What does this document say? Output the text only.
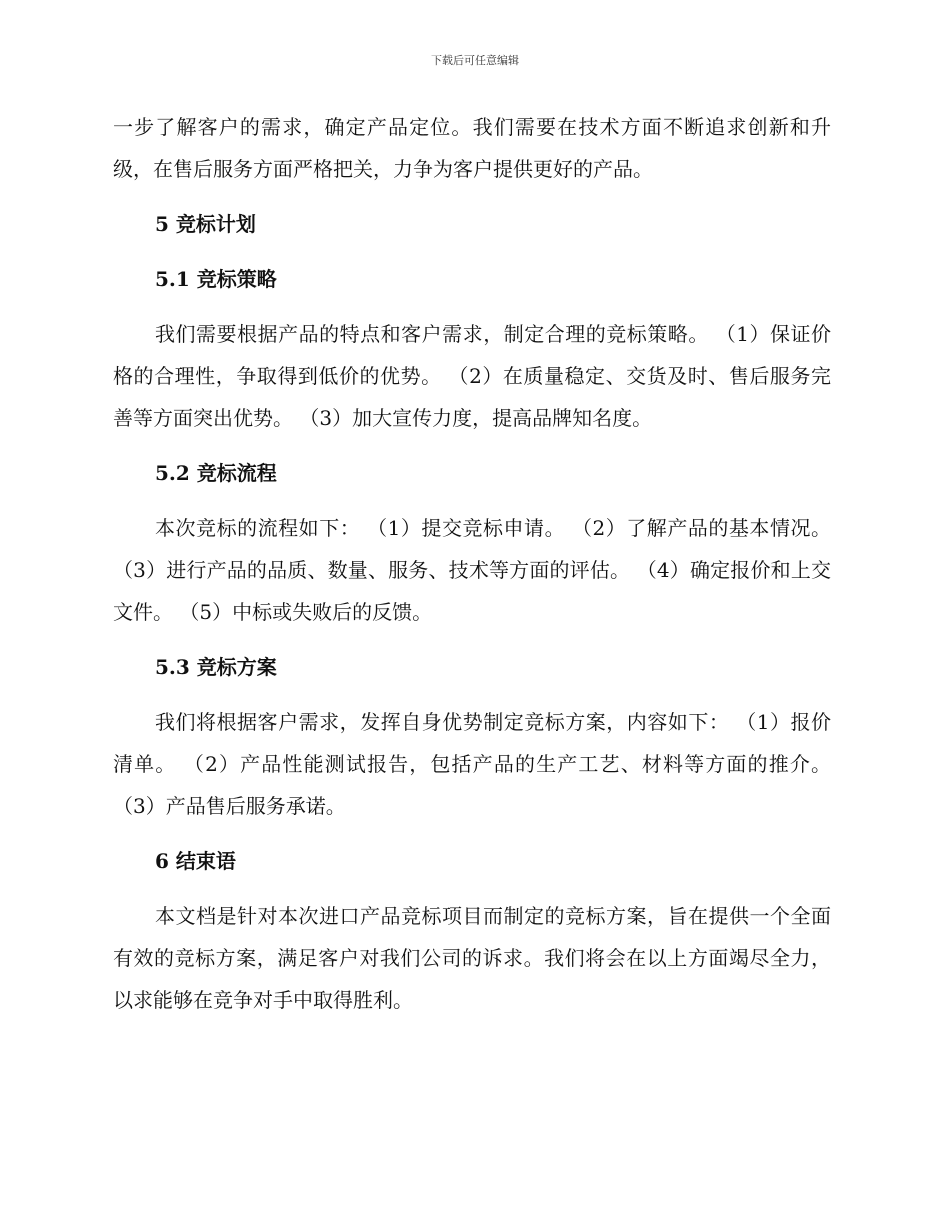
下载后可任意编辑

一步了解客户的需求，确定产品定位。我们需要在技术方面不断追求创新和升级，在售后服务方面严格把关，力争为客户提供更好的产品。

5 竞标计划
5.1 竞标策略

我们需要根据产品的特点和客户需求，制定合理的竞标策略。 （1）保证价格的合理性，争取得到低价的优势。 （2）在质量稳定、交货及时、售后服务完善等方面突出优势。 （3）加大宣传力度，提高品牌知名度。

5.2 竞标流程

本次竞标的流程如下： （1）提交竞标申请。 （2）了解产品的基本情况。 （3）进行产品的品质、数量、服务、技术等方面的评估。 （4）确定报价和上交文件。 （5）中标或失败后的反馈。

5.3 竞标方案

我们将根据客户需求，发挥自身优势制定竞标方案，内容如下： （1）报价清单。 （2）产品性能测试报告，包括产品的生产工艺、材料等方面的推介。 （3）产品售后服务承诺。

6 结束语

本文档是针对本次进口产品竞标项目而制定的竞标方案，旨在提供一个全面有效的竞标方案，满足客户对我们公司的诉求。我们将会在以上方面竭尽全力，以求能够在竞争对手中取得胜利。
